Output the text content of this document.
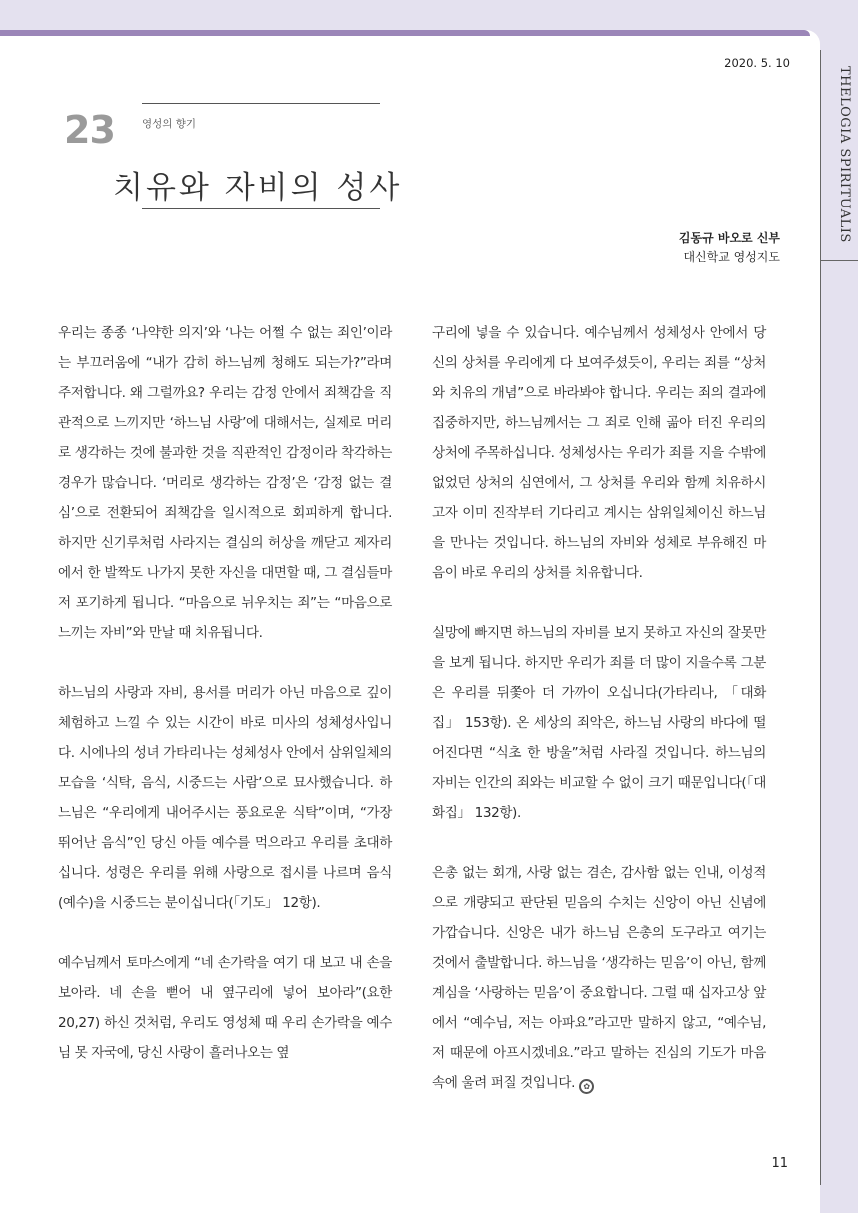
2020. 5. 10
THELOGIA SPIRITUALIS
23	영성의 향기
치유와 자비의 성사
김동규 바오로 신부
대신학교 영성지도

우리는 종종 ‘나약한 의지’와 ‘나는 어쩔 수 없는 죄인’이라는 부끄러움에 “내가 감히 하느님께 청해도 되는가?”라며 주저합니다. 왜 그럴까요? 우리는 감정 안에서 죄책감을 직관적으로 느끼지만 ‘하느님 사랑’에 대해서는, 실제로 머리로 생각하는 것에 불과한 것을 직관적인 감정이라 착각하는 경우가 많습니다. ‘머리로 생각하는 감정’은 ‘감정 없는 결심’으로 전환되어 죄책감을 일시적으로 회피하게 합니다. 하지만 신기루처럼 사라지는 결심의 허상을 깨닫고 제자리에서 한 발짝도 나가지 못한 자신을 대면할 때, 그 결심들마저 포기하게 됩니다. “마음으로 뉘우치는 죄”는 “마음으로 느끼는 자비”와 만날 때 치유됩니다.

하느님의 사랑과 자비, 용서를 머리가 아닌 마음으로 깊이 체험하고 느낄 수 있는 시간이 바로 미사의 성체성사입니다. 시에나의 성녀 가타리나는 성체성사 안에서 삼위일체의 모습을 ‘식탁, 음식, 시중드는 사람’으로 묘사했습니다. 하느님은 “우리에게 내어주시는 풍요로운 식탁”이며, “가장 뛰어난 음식”인 당신 아들 예수를 먹으라고 우리를 초대하십니다. 성령은 우리를 위해 사랑으로 접시를 나르며 음식(예수)을 시중드는 분이십니다(「기도」 12항).

예수님께서 토마스에게 “네 손가락을 여기 대 보고 내 손을 보아라. 네 손을 뻗어 내 옆구리에 넣어 보아라”(요한 20,27) 하신 것처럼, 우리도 영성체 때 우리 손가락을 예수님 못 자국에, 당신 사랑이 흘러나오는 옆

구리에 넣을 수 있습니다. 예수님께서 성체성사 안에서 당신의 상처를 우리에게 다 보여주셨듯이, 우리는 죄를 “상처와 치유의 개념”으로 바라봐야 합니다. 우리는 죄의 결과에 집중하지만, 하느님께서는 그 죄로 인해 곪아 터진 우리의 상처에 주목하십니다. 성체성사는 우리가 죄를 지을 수밖에 없었던 상처의 심연에서, 그 상처를 우리와 함께 치유하시고자 이미 진작부터 기다리고 계시는 삼위일체이신 하느님을 만나는 것입니다. 하느님의 자비와 성체로 부유해진 마음이 바로 우리의 상처를 치유합니다.

실망에 빠지면 하느님의 자비를 보지 못하고 자신의 잘못만을 보게 됩니다. 하지만 우리가 죄를 더 많이 지을수록 그분은 우리를 뒤쫓아 더 가까이 오십니다(가타리나, 「대화집」 153항). 온 세상의 죄악은, 하느님 사랑의 바다에 떨어진다면 “식초 한 방울”처럼 사라질 것입니다. 하느님의 자비는 인간의 죄와는 비교할 수 없이 크기 때문입니다(「대화집」 132항).

은총 없는 회개, 사랑 없는 겸손, 감사함 없는 인내, 이성적으로 개량되고 판단된 믿음의 수치는 신앙이 아닌 신념에 가깝습니다. 신앙은 내가 하느님 은총의 도구라고 여기는 것에서 출발합니다. 하느님을 ‘생각하는 믿음’이 아닌, 함께 계심을 ‘사랑하는 믿음’이 중요합니다. 그럴 때 십자고상 앞에서 “예수님, 저는 아파요”라고만 말하지 않고, “예수님, 저 때문에 아프시겠네요.”라고 말하는 진심의 기도가 마음 속에 울려 퍼질 것입니다. ✿

11
